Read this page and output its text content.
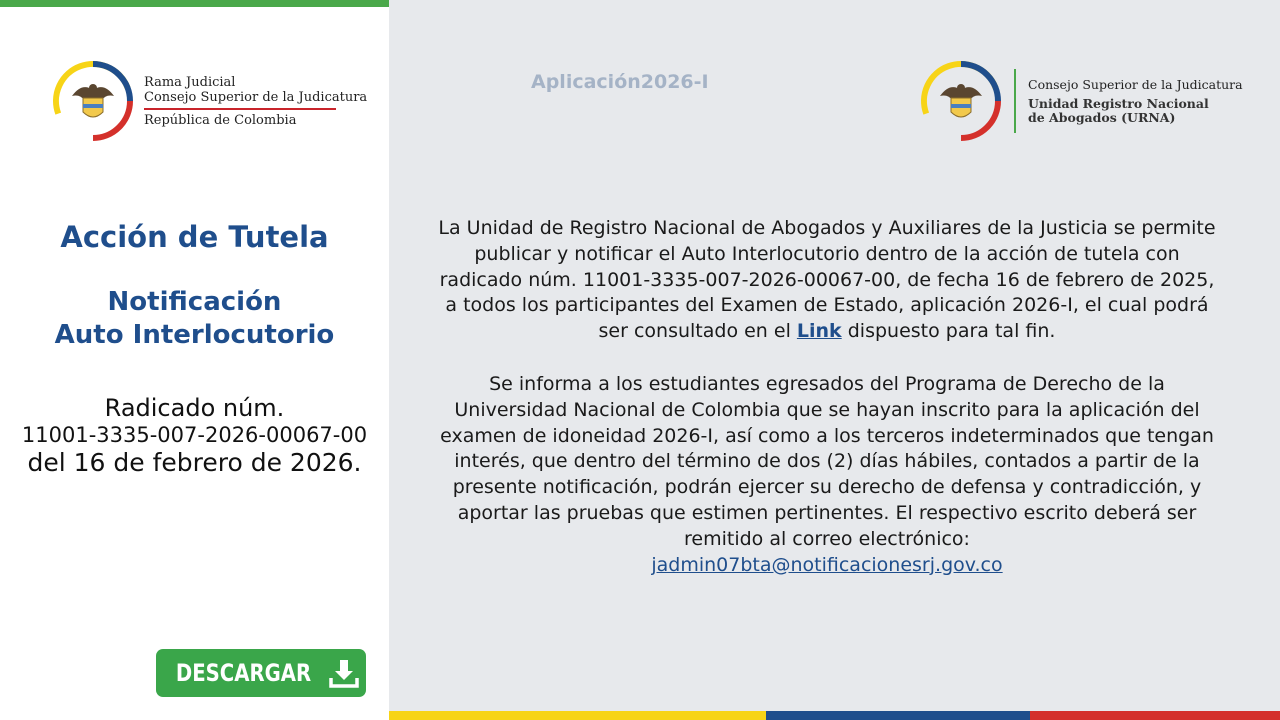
Rama Judicial
Consejo Superior de la Judicatura
República de Colombia
Acción de Tutela
Notificación
Auto Interlocutorio
Radicado núm.
11001-3335-007-2026-00067-00
del 16 de febrero de 2026.
DESCARGAR
Aplicación2026-I	Consejo Superior de la Judicatura
Unidad Registro Nacional
de Abogados (URNA)
La Unidad de Registro Nacional de Abogados y Auxiliares de la Justicia se permite publicar y notificar el Auto Interlocutorio dentro de la acción de tutela con radicado núm. 11001-3335-007-2026-00067-00, de fecha 16 de febrero de 2025, a todos los participantes del Examen de Estado, aplicación 2026-I, el cual podrá ser consultado en el Link dispuesto para tal fin.
Se informa a los estudiantes egresados del Programa de Derecho de la Universidad Nacional de Colombia que se hayan inscrito para la aplicación del examen de idoneidad 2026-I, así como a los terceros indeterminados que tengan interés, que dentro del término de dos (2) días hábiles, contados a partir de la presente notificación, podrán ejercer su derecho de defensa y contradicción, y aportar las pruebas que estimen pertinentes. El respectivo escrito deberá ser remitido al correo electrónico:
jadmin07bta@notificacionesrj.gov.co
